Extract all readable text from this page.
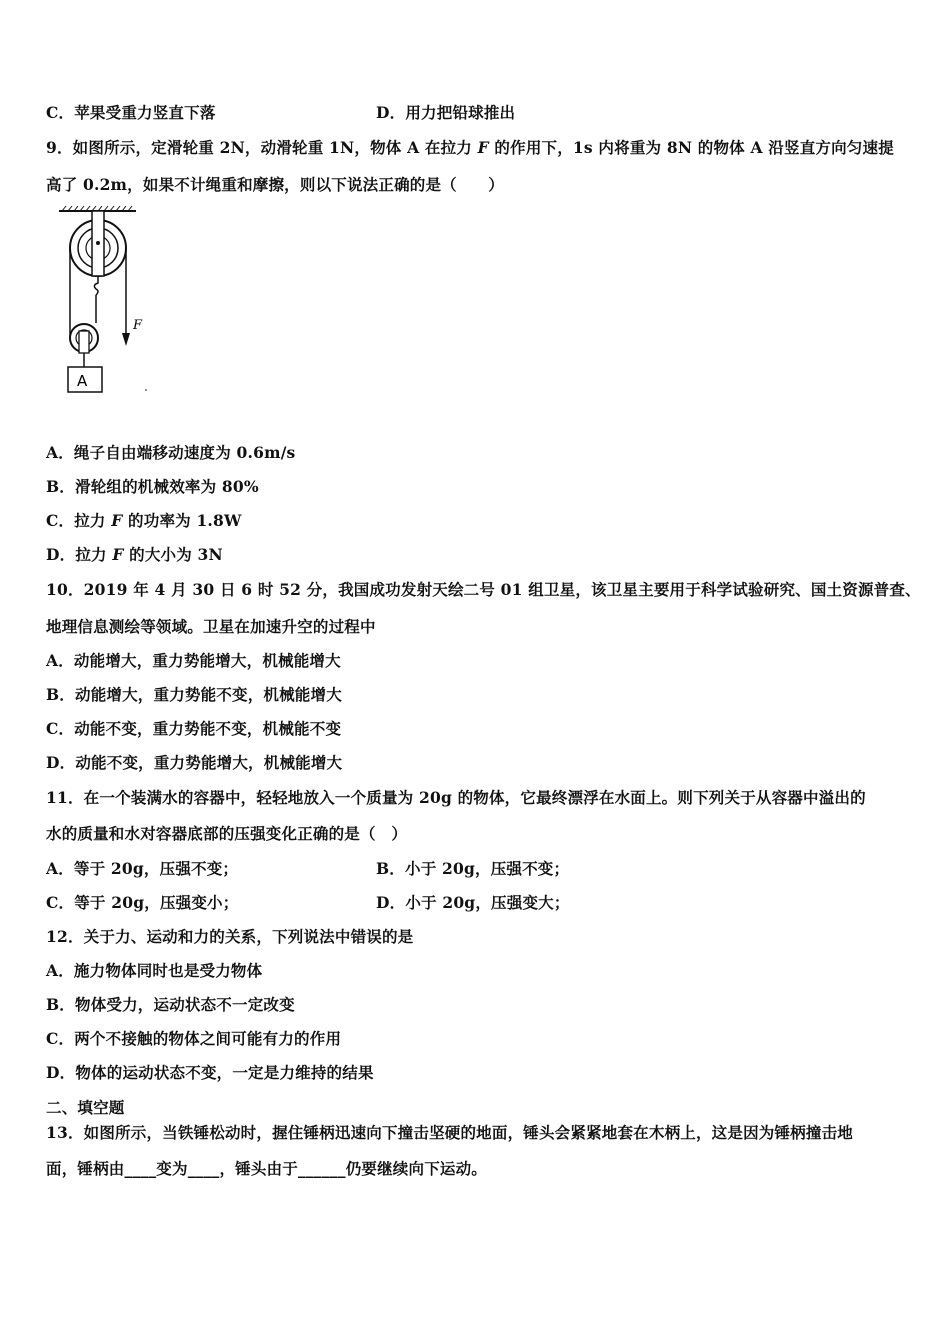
C．苹果受重力竖直下落	D．用力把铅球推出
9．如图所示，定滑轮重 2N，动滑轮重 1N，物体 A 在拉力 F 的作用下，1s 内将重为 8N 的物体 A 沿竖直方向匀速提
高了 0.2m，如果不计绳重和摩擦，则以下说法正确的是（　　）
F
A
A．绳子自由端移动速度为 0.6m/s
B．滑轮组的机械效率为 80%
C．拉力 F 的功率为 1.8W
D．拉力 F 的大小为 3N
10．2019 年 4 月 30 日 6 时 52 分，我国成功发射天绘二号 01 组卫星，该卫星主要用于科学试验研究、国土资源普查、
地理信息测绘等领域。卫星在加速升空的过程中
A．动能增大，重力势能增大，机械能增大
B．动能增大，重力势能不变，机械能增大
C．动能不变，重力势能不变，机械能不变
D．动能不变，重力势能增大，机械能增大
11．在一个装满水的容器中，轻轻地放入一个质量为 20g 的物体，它最终漂浮在水面上。则下列关于从容器中溢出的
水的质量和水对容器底部的压强变化正确的是（　）
A．等于 20g，压强不变；	B．小于 20g，压强不变；
C．等于 20g，压强变小；	D．小于 20g，压强变大；
12．关于力、运动和力的关系，下列说法中错误的是
A．施力物体同时也是受力物体
B．物体受力，运动状态不一定改变
C．两个不接触的物体之间可能有力的作用
D．物体的运动状态不变，一定是力维持的结果
二、填空题
13．如图所示，当铁锤松动时，握住锤柄迅速向下撞击坚硬的地面，锤头会紧紧地套在木柄上，这是因为锤柄撞击地
面，锤柄由____变为____，锤头由于______仍要继续向下运动。
